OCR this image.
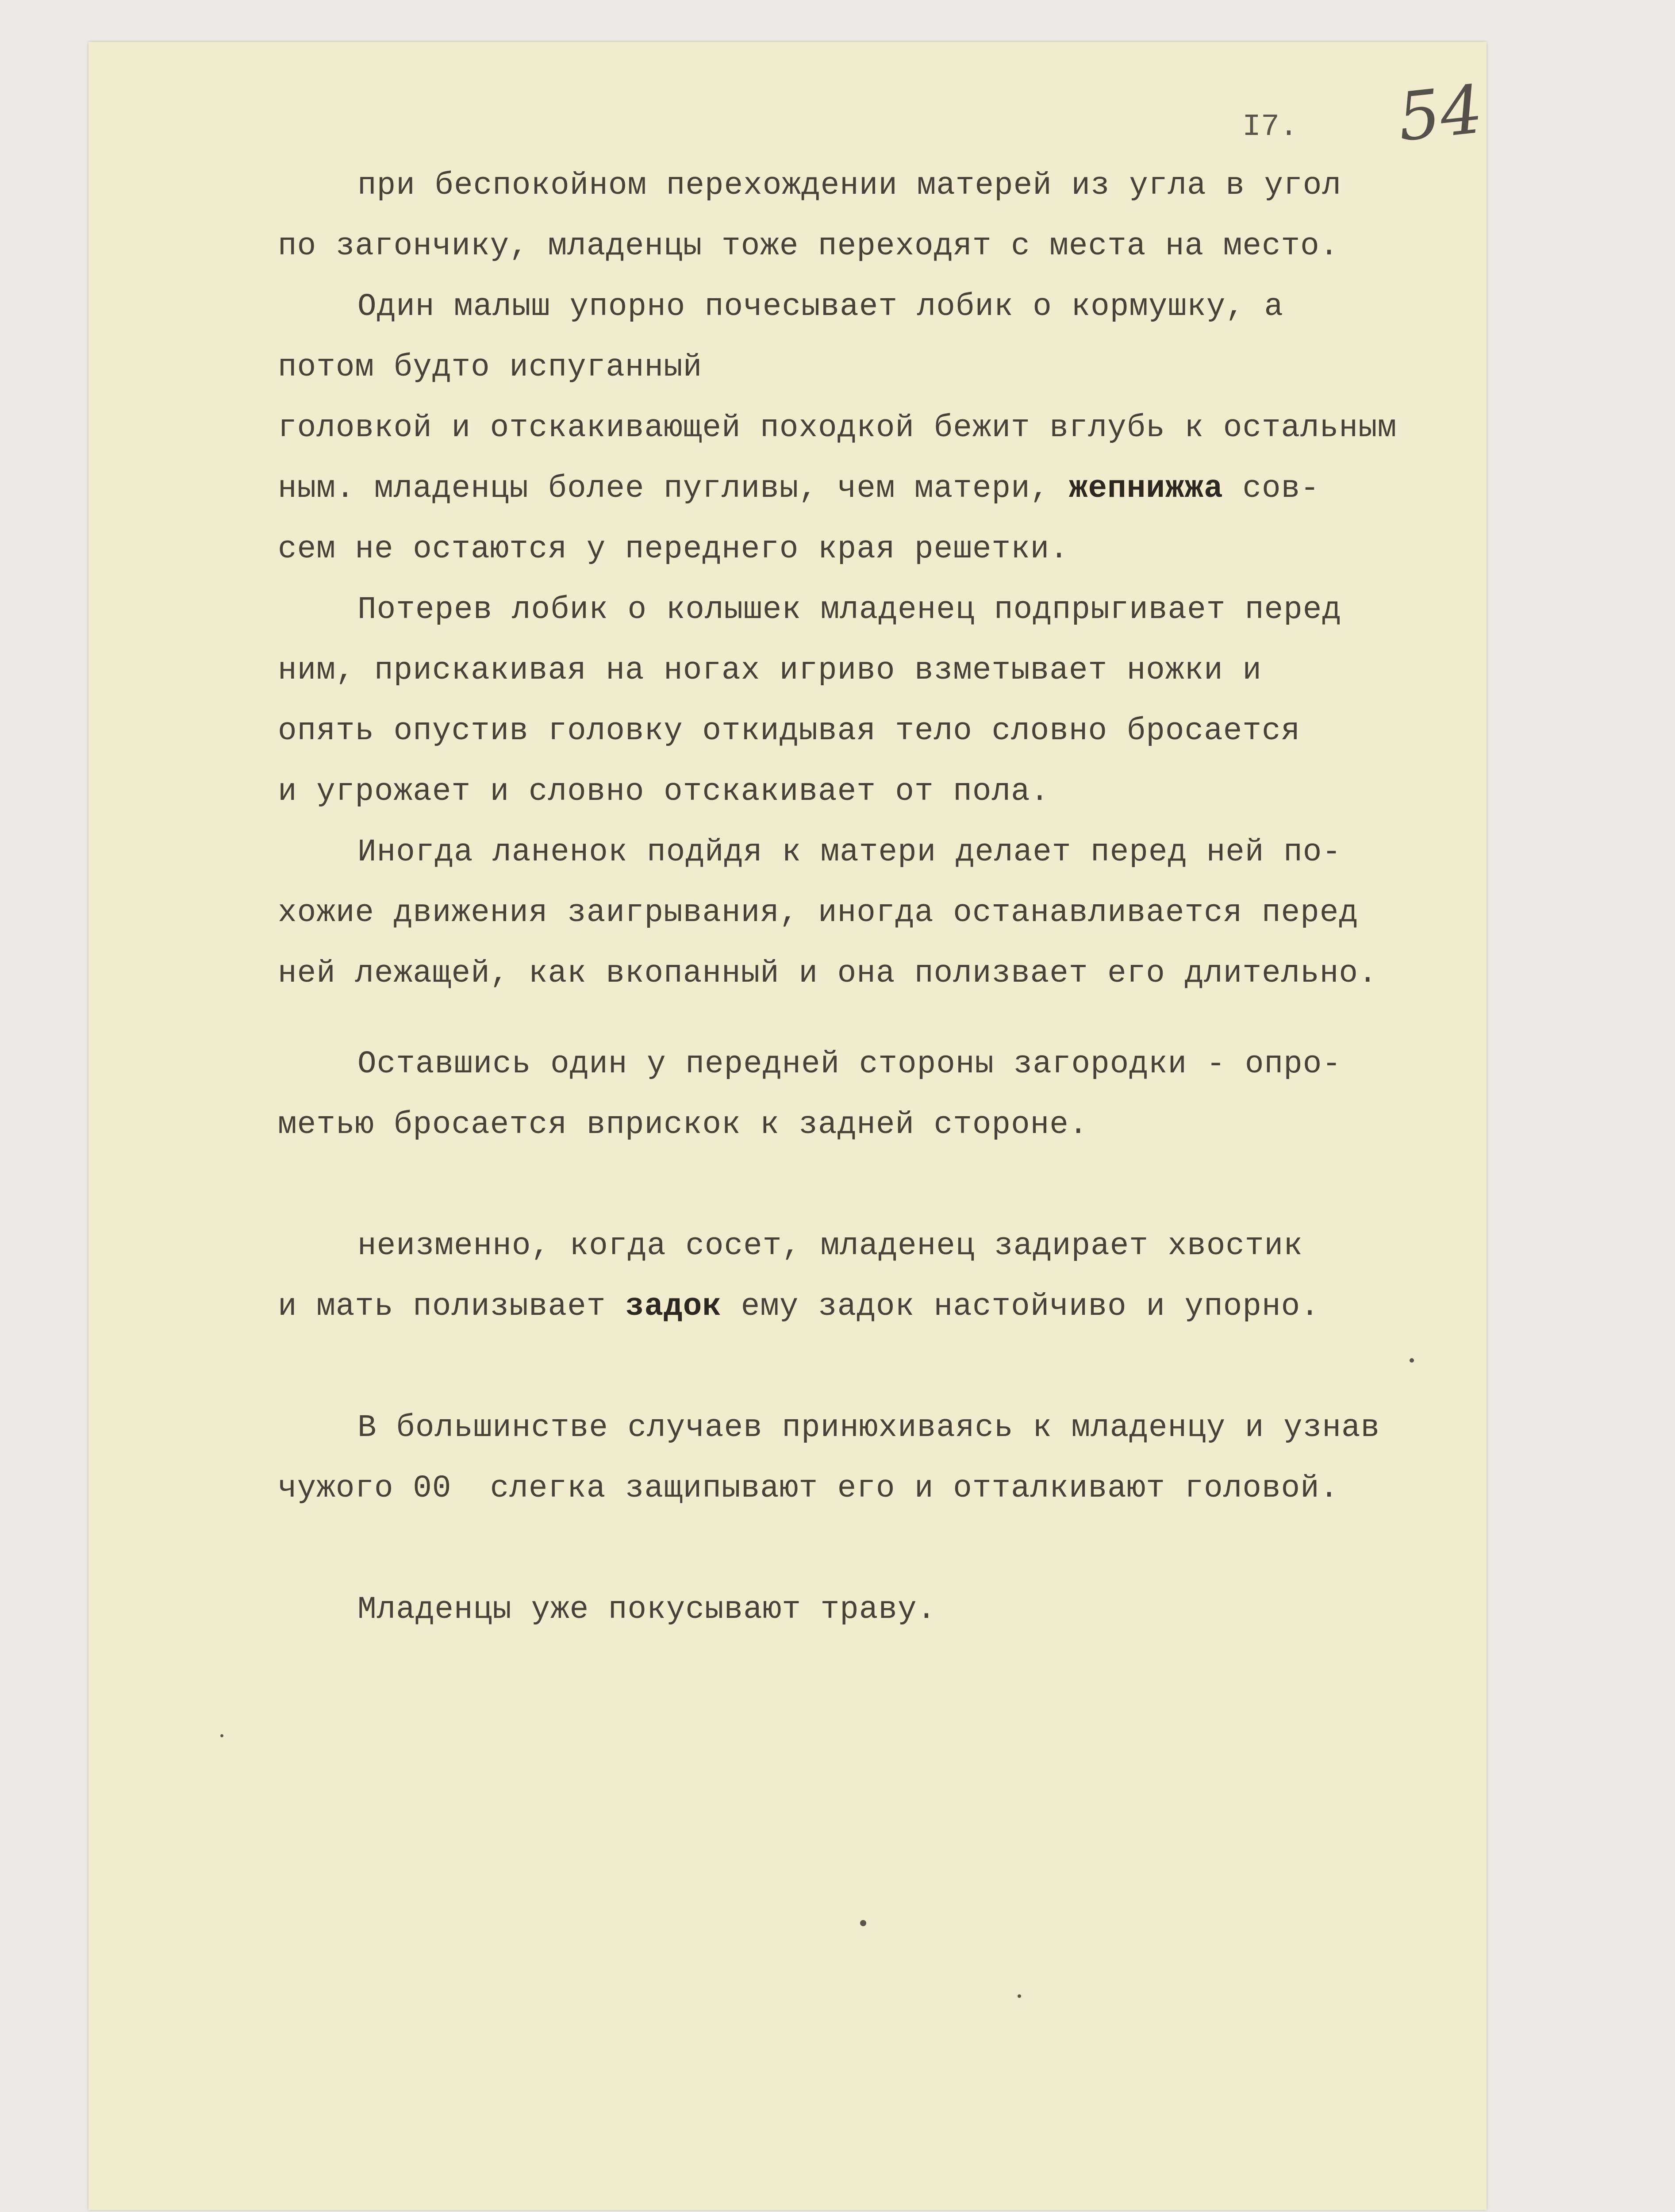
I7. 54
при беспокойном перехождении матерей из угла в угол
по загончику, младенцы тоже переходят с места на место.
Один малыш упорно почесывает лобик о кормушку, а
потом будто испуганный
головкой и отскакивающей походкой бежит вглубь к остальным
ным. младенцы более пугливы, чем матери, жепнижжа сов-
сем не остаются у переднего края решетки.
Потерев лобик о колышек младенец подпрыгивает перед
ним, прискакивая на ногах игриво взметывает ножки и
опять опустив головку откидывая тело словно бросается
и угрожает и словно отскакивает от пола.
Иногда ланенок подйдя к матери делает перед ней по-
хожие движения заигрывания, иногда останавливается перед
ней лежащей, как вкопанный и она полизвает его длительно.
Оставшись один у передней стороны загородки - опро-
метью бросается вприскок к задней стороне.
неизменно, когда сосет, младенец задирает хвостик
и мать полизывает задок ему задок настойчиво и упорно.
В большинстве случаев принюхиваясь к младенцу и узнав
чужого 00  слегка защипывают его и отталкивают головой.
Младенцы уже покусывают траву.
